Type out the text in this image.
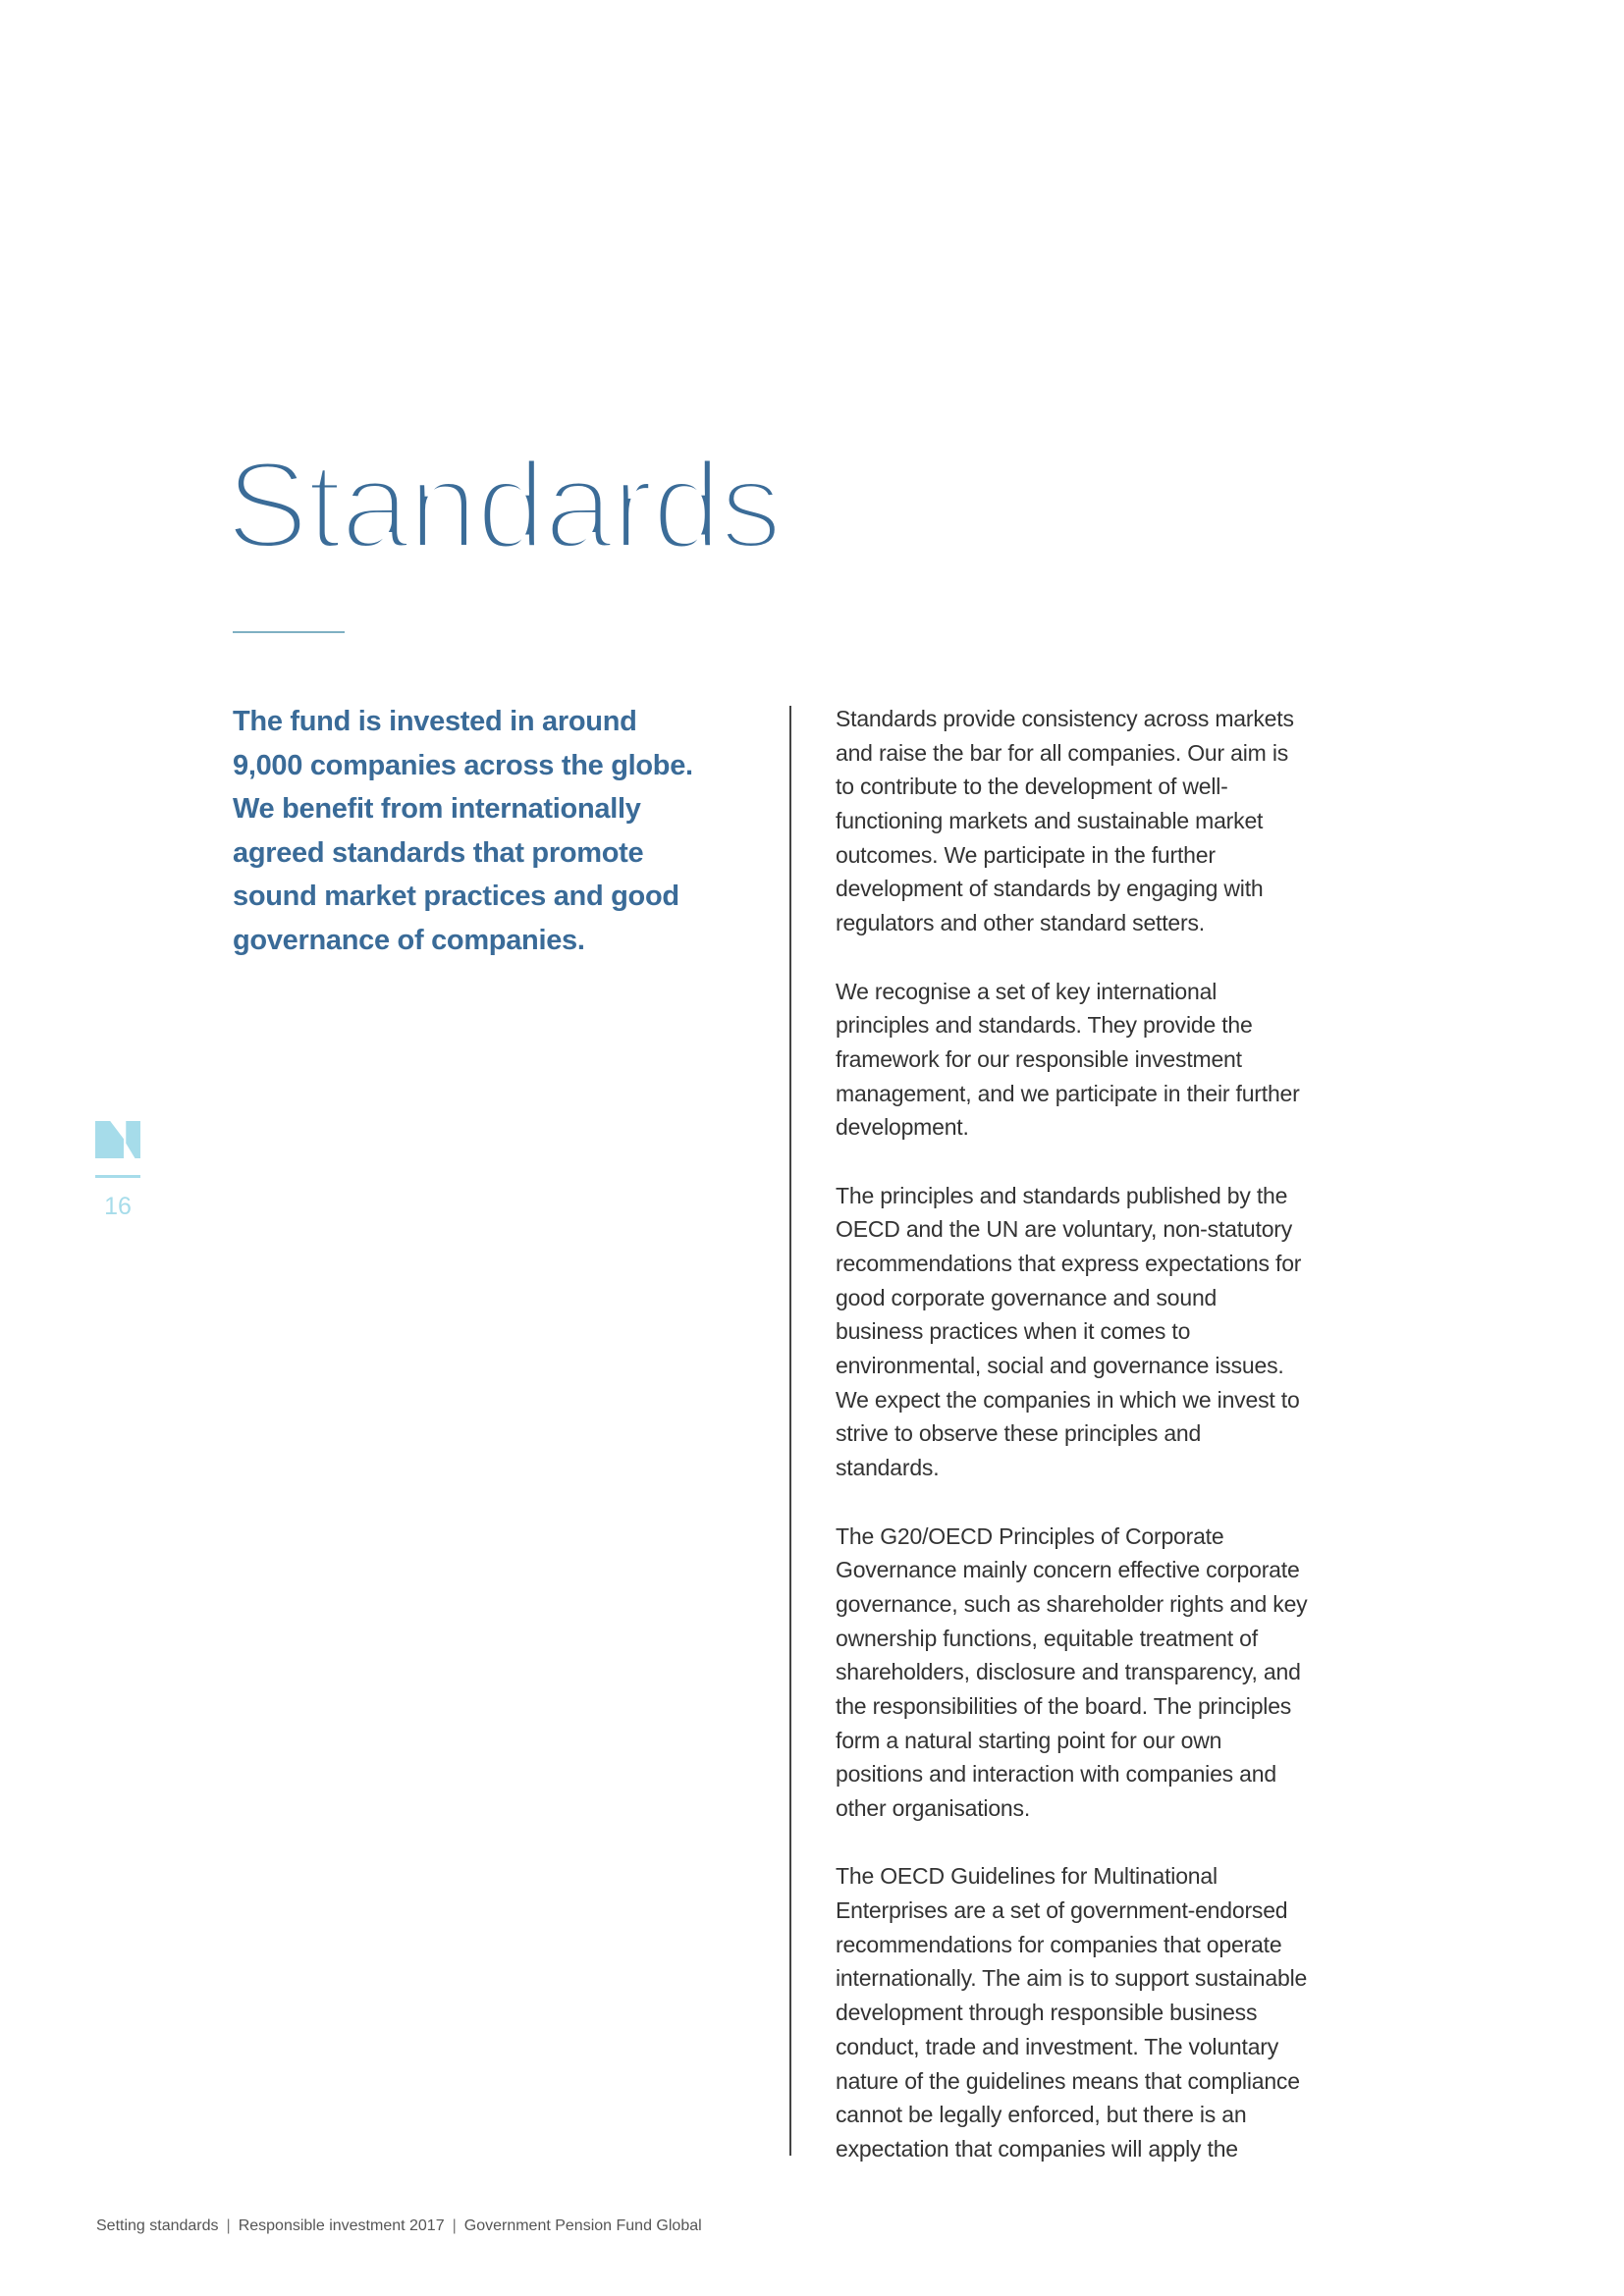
Standards
The fund is invested in around
9,000 companies across the globe.
We benefit from internationally
agreed standards that promote
sound market practices and good
governance of companies.

Standards provide consistency across markets
and raise the bar for all companies. Our aim is
to contribute to the development of well-
functioning markets and sustainable market
outcomes. We participate in the further
development of standards by engaging with
regulators and other standard setters.

We recognise a set of key international
principles and standards. They provide the
framework for our responsible investment
management, and we participate in their further
development.

The principles and standards published by the
OECD and the UN are voluntary, non-statutory
recommendations that express expectations for
good corporate governance and sound
business practices when it comes to
environmental, social and governance issues.
We expect the companies in which we invest to
strive to observe these principles and
standards.

The G20/OECD Principles of Corporate
Governance mainly concern effective corporate
governance, such as shareholder rights and key
ownership functions, equitable treatment of
shareholders, disclosure and transparency, and
the responsibilities of the board. The principles
form a natural starting point for our own
positions and interaction with companies and
other organisations.

The OECD Guidelines for Multinational
Enterprises are a set of government-endorsed
recommendations for companies that operate
internationally. The aim is to support sustainable
development through responsible business
conduct, trade and investment. The voluntary
nature of the guidelines means that compliance
cannot be legally enforced, but there is an
expectation that companies will apply the

16
Setting standards | Responsible investment 2017 | Government Pension Fund Global
